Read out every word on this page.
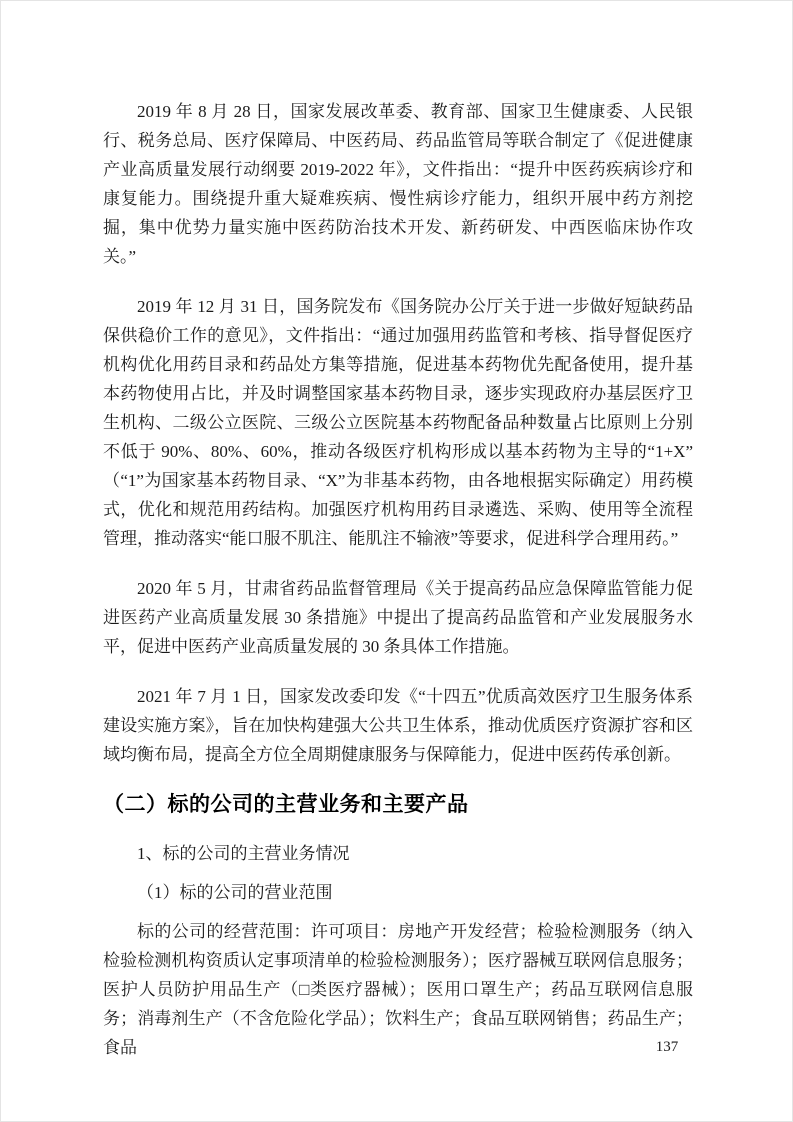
2019 年 8 月 28 日，国家发展改革委、教育部、国家卫生健康委、人民银行、税务总局、医疗保障局、中医药局、药品监管局等联合制定了《促进健康产业高质量发展行动纲要 2019-2022 年》，文件指出：“提升中医药疾病诊疗和康复能力。围绕提升重大疑难疾病、慢性病诊疗能力，组织开展中药方剂挖掘，集中优势力量实施中医药防治技术开发、新药研发、中西医临床协作攻关。”

2019 年 12 月 31 日，国务院发布《国务院办公厅关于进一步做好短缺药品保供稳价工作的意见》，文件指出：“通过加强用药监管和考核、指导督促医疗机构优化用药目录和药品处方集等措施，促进基本药物优先配备使用，提升基本药物使用占比，并及时调整国家基本药物目录，逐步实现政府办基层医疗卫生机构、二级公立医院、三级公立医院基本药物配备品种数量占比原则上分别不低于 90%、80%、60%，推动各级医疗机构形成以基本药物为主导的“1+X”（“1”为国家基本药物目录、“X”为非基本药物，由各地根据实际确定）用药模式，优化和规范用药结构。加强医疗机构用药目录遴选、采购、使用等全流程管理，推动落实“能口服不肌注、能肌注不输液”等要求，促进科学合理用药。”

2020 年 5 月，甘肃省药品监督管理局《关于提高药品应急保障监管能力促进医药产业高质量发展 30 条措施》中提出了提高药品监管和产业发展服务水平，促进中医药产业高质量发展的 30 条具体工作措施。

2021 年 7 月 1 日，国家发改委印发《“十四五”优质高效医疗卫生服务体系建设实施方案》，旨在加快构建强大公共卫生体系，推动优质医疗资源扩容和区域均衡布局，提高全方位全周期健康服务与保障能力，促进中医药传承创新。

（二）标的公司的主营业务和主要产品

1、标的公司的主营业务情况

（1）标的公司的营业范围

标的公司的经营范围：许可项目：房地产开发经营；检验检测服务（纳入检验检测机构资质认定事项清单的检验检测服务）；医疗器械互联网信息服务；医护人员防护用品生产（□类医疗器械）；医用口罩生产；药品互联网信息服务；消毒剂生产（不含危险化学品）；饮料生产；食品互联网销售；药品生产；食品	137
